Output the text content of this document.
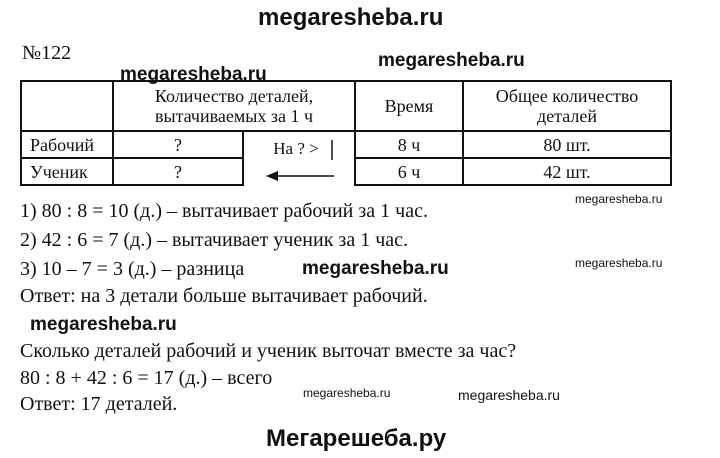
megaresheba.ru
№122
megaresheba.ru
megaresheba.ru
	Количество деталей, вытачиваемых за 1 ч		Время	Общее количество деталей
Рабочий	?	На ? >	8 ч	80 шт.
Ученик	?		6 ч	42 шт.
megaresheba.ru
1) 80 : 8 = 10 (д.) – вытачивает рабочий за 1 час.
2) 42 : 6 = 7 (д.) – вытачивает ученик за 1 час.
3) 10 – 7 = 3 (д.) – разница	megaresheba.ru	megaresheba.ru
Ответ: на 3 детали больше вытачивает рабочий.
megaresheba.ru
Сколько деталей рабочий и ученик выточат вместе за час?
80 : 8 + 42 : 6 = 17 (д.) – всего
megaresheba.ru	megaresheba.ru
Ответ: 17 деталей.
Мегарешеба.ру
